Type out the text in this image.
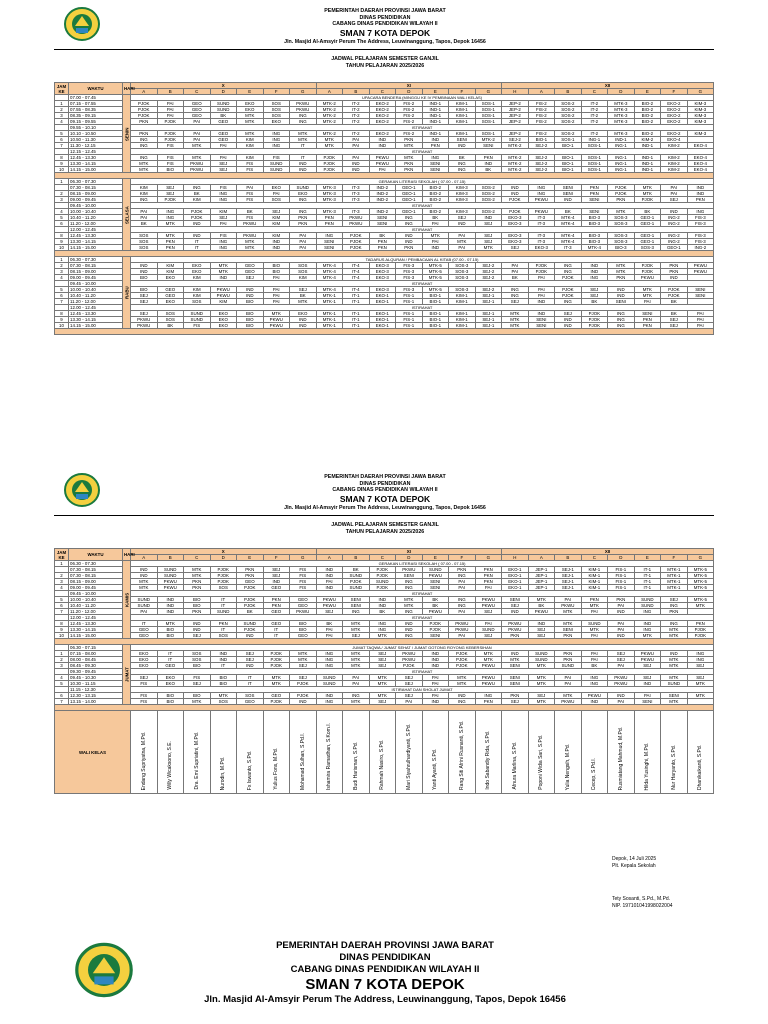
PEMERINTAH DAERAH PROVINSI JAWA BARAT
DINAS PENDIDIKAN
CABANG DINAS PENDIDIKAN WILAYAH II
SMAN 7 KOTA DEPOK
Jln. Masjid Al-Amsyir Perum The Address, Leuwinanggung, Tapos, Depok 16456
JADWAL PELAJARAN SEMESTER GANJIL
TAHUN PELAJARAN 2025/2026
JAM KE	WAKTU	HARI	X							XI							XII								
			A	B	C	D	E	F	G	A	B	C	D	E	F	G	H	A	B	C	D	E	F	G	
	07.00 - 07.45	SENIN	UPACARA BENDERA (MINGGU KE IV PEMBINAAN WALI KELAS)																						
1	07.15 - 07.55		PJOK	PAI	GEO	SUND	EKO	SOS	PKWU	MTK-2	IT-2	EKO-2	FIS-2	IND-1	KIM-1	SOS-1	JEP-2	FIS-2	SOS-2	IT-2	MTK-3	BIO-2	EKO-2	KIM-3	
2	07.55 - 08.35		PJOK	PAI	GEO	SUND	EKO	SOS	PKWU	MTK-2	IT-2	EKO-2	FIS-2	IND-1	KIM-1	SOS-1	JEP-2	FIS-2	SOS-2	IT-2	MTK-3	BIO-2	EKO-2	KIM-3	
3	08.35 - 09.15		PJOK	PAI	GEO	BK	MTK	SOS	ING	MTK-2	IT-2	EKO-2	FIS-2	IND-1	KIM-1	SOS-1	JEP-2	FIS-2	SOS-2	IT-2	MTK-3	BIO-2	EKO-2	KIM-3	
4	09.15 - 09.55		PKN	PJOK	PAI	GEO	MTK	EKO	ING	MTK-2	IT-2	EKO-2	FIS-2	IND-1	KIM-1	SOS-1	JEP-2	FIS-2	SOS-2	IT-2	MTK-3	BIO-2	EKO-2	KIM-3	
	09.55 - 10.10		ISTIRAHAT																						
5	10.10 - 10.50		PKN	PJOK	PAI	GEO	MTK	ING	MTK	MTK-2	IT-2	EKO-2	FIS-2	IND-1	KIM-1	SOS-1	JEP-2	FIS-2	SOS-2	IT-2	MTK-3	BIO-2	EKO-2	KIM-3	
6	10.50 - 11.30		ING	PJOK	PAI	GEO	KIM	ING	MTK	MTK	PAI	IND	PKN	IND	SENI	MTK-2	SEJ-2	BIO-1	SOS-1	ING-1	IND-1	KIM-2	EKO-4		
7	11.30 - 12.15		ING	FIS	MTK	PAI	KIM	ING	IT	MTK	PAI	IND	MTK	PKN	IND	SENI	MTK-2	SEJ-2	BIO-1	SOS-1	ING-1	IND-1	KIM-2	EKO-4	
	12.15 - 12.45		ISTIRAHAT																						
8	12.45 - 13.30		ING	FIS	MTK	PAI	KIM	FIS	IT	PJOK	PAI	PKWU	MTK	ING	BK	PKN	MTK-2	SEJ-2	BIO-1	SOS-1	ING-1	IND-1	KIM-2	EKO-4	
9	13.30 - 14.15		MTK	FIS	PKWU	SEJ	FIS	SUND	IND	PJOK	IND	PKWU	PKN	SENI	ING	IND	MTK-2	SEJ-2	BIO-1	SOS-1	ING-1	IND-1	KIM-2	EKO-4	
10	14.15 - 15.00		MTK	BIO	PKWU	SEJ	FIS	SUND	IND	PJOK	IND	PAI	PKN	SENI	ING	BK	MTK-2	SEJ-2	BIO-1	SOS-1	ING-1	IND-1	KIM-2	EKO-4	

1	06.30 - 07.30	SELASA	GERAKAN LITERASI SEKOLAH ( 07.00 - 07.15)																						
	07.30 - 08.15		KIM	SEJ	ING	FIS	PAI	EKO	SUND	MTK-3	IT-3	IND-2	GEO-1	BIO-2	KIM-3	SOS-2	IND	ING	SENI	PKN	PJOK	MTK	PAI	IND	
2	08.15 - 09.00		KIM	SEJ	BK	ING	FIS	PAI	EKO	MTK-3	IT-3	IND-2	GEO-1	BIO-2	KIM-3	SOS-2	IND	ING	SENI	PKN	PJOK	MTK	PAI	IND	
3	09.00 - 09.45		ING	PJOK	KIM	ING	FIS	SOS	ING	MTK-3	IT-3	IND-2	GEO-1	BIO-2	KIM-3	SOS-2	PJOK	PKWU	IND	SENI	PKN	PJOK	SEJ	PKN	
	09.45 - 10.00		ISTIRAHAT																						
4	10.00 - 10.40		PAI	ING	PJOK	KIM	BK	SEJ	ING	MTK-3	IT-3	IND-2	GEO-1	BIO-2	KIM-3	SOS-2	PJOK	PKWU	BK	SENI	MTK	BK	IND	ING	
5	10.40 - 11.20		PAI	ING	PJOK	SEJ	FIS	KIM	PKN	PKN	PKWU	SENI	ING	BK	SEJ	IND	EKO-3	IT-3	MTK-4	BIO-3	SOS-3	GEO-1	ING-2	FIS-3	
6	11.20 - 12.00		BK	MTK	IND	PAI	PKWU	KIM	PKN	PKN	PKWU	SENI	ING	PAI	IND	SEJ	EKO-3	IT-3	MTK-4	BIO-3	SOS-3	GEO-1	ING-2	FIS-3	
	12.00 - 12.45		ISTIRAHAT																						
8	12.45 - 13.30		SOS	MTK	IND	FIS	PKWU	KIM	PAI	ING	PJOK	BK	IND	MTK	PAI	SEJ	EKO-3	IT-3	MTK-4	BIO-3	SOS-3	GEO-1	ING-2	FIS-3	
9	13.30 - 14.15		SOS	PKN	IT	ING	MTK	IND	PAI	SENI	PJOK	PKN	IND	PAI	MTK	SEJ	EKO-3	IT-3	MTK-4	BIO-3	SOS-3	GEO-1	ING-2	FIS-3	
10	14.15 - 15.00		SOS	PKN	IT	ING	MTK	IND	PAI	SENI	PJOK	PKN	PKN	IND	PAI	MTK	SEJ	EKO-3	IT-3	MTK-4	BIO-3	SOS-3	GEO-1	ING-2	

1	06.30 - 07.30	RABU	TADARUS ALQURAN / PEMBACAAN AL KITAB (07.00 - 07.15)																						
2	07.30 - 08.15		IND	KIM	EKO	MTK	GEO	BIO	SOS	MTK-4	IT-4	EKO-3	FIS-3	MTK-5	SOS-3	SEJ-2	PAI	PJOK	ING	IND	MTK	PJOK	PKN	PKWU	
3	08.15 - 09.00		IND	KIM	EKO	MTK	GEO	BIO	SOS	MTK-4	IT-4	EKO-3	FIS-3	MTK-5	SOS-3	SEJ-2	PAI	PJOK	ING	IND	MTK	PJOK	PKN	PKWU	
4	09.00 - 09.45		BIO	EKO	KIM	IND	SEJ	PAI	KIM	MTK-4	IT-4	EKO-3	FIS-3	MTK-5	SOS-3	SEJ-2	BK	PAI	PJOK	ING	PKN	PKWU	IND		
	09.45 - 10.00		ISTIRAHAT																						
5	10.00 - 10.40		BIO	GEO	KIM	PKWU	IND	PAI	SEJ	MTK-4	IT-4	EKO-3	FIS-3	MTK-5	SOS-3	SEJ-2	ING	PAI	PJOK	SEJ	IND	MTK	PJOK	SENI	
6	10.40 - 11.20		SEJ	GEO	KIM	PKWU	IND	PAI	BK	MTK-1	IT-1	EKO-1	FIS-1	BIO-1	KIM-1	SEJ-1	ING	PAI	PJOK	SEJ	IND	MTK	PJOK	SENI	
7	11.20 - 12.00		SEJ	EKO	SOS	KIM	BIO	PAI	MTK	MTK-1	IT-1	EKO-1	FIS-1	BIO-1	KIM-1	SEJ-1	SEJ	IND	ING	BK	SENI	PAI	BK		
	12.00 - 12.45		ISTIRAHAT																						
8	12.45 - 13.30		SEJ	SOS	SUND	EKO	BIO	MTK	EKO	MTK-1	IT-1	EKO-1	FIS-1	BIO-1	KIM-1	SEJ-1	MTK	IND	SEJ	PJOK	ING	SENI	BK	PAI	
9	13.30 - 14.15		PKWU	SOS	SUND	EKO	BIO	PKWU	IND	MTK-1	IT-1	EKO-1	FIS-1	BIO-1	KIM-1	SEJ-1	MTK	SENI	IND	PJOK	ING	PKN	SEJ	PAI	
10	14.15 - 15.00		PKWU	BK	FIS	EKO	BIO	PKWU	IND	MTK-1	IT-1	EKO-1	FIS-1	BIO-1	KIM-1	SEJ-1	MTK	SENI	IND	PJOK	ING	PKN	SEJ	PAI	

PEMERINTAH DAERAH PROVINSI JAWA BARAT
DINAS PENDIDIKAN
CABANG DINAS PENDIDIKAN WILAYAH II
SMAN 7 KOTA DEPOK
Jln. Masjid Al-Amsyir Perum The Address, Leuwinanggung, Tapos, Depok 16456
JADWAL PELAJARAN SEMESTER GANJIL
TAHUN PELAJARAN 2025/2026
JAM KE	WAKTU	HARI	X							XI							XII								
			A	B	C	D	E	F	G	A	B	C	D	E	F	G	H	A	B	C	D	E	F	G	
1	06.30 - 07.30	KAMIS	GERAKAN LITERASI SEKOLAH ( 07.00 - 07.15)																						
	07.30 - 08.15		IND	SUND	MTK	PJOK	PKN	SEJ	FIS	IND	BK	PJOK	PKWU	SUND	PKN	PKN	EKO-1	JEP-1	SEJ-1	KIM-1	FIS-1	IT-1	MTK-1	MTK-5	
2	07.30 - 08.15		IND	SUND	MTK	PJOK	PKN	SEJ	FIS	IND	SUND	PJOK	SENI	PKWU	ING	PKN	EKO-1	JEP-1	SEJ-1	KIM-1	FIS-1	IT-1	MTK-1	MTK-5	
3	08.15 - 09.00		MTK	PKWU	PKN	PJOK	GEO	IND	FIS	PAI	PJOK	SUND	ING	SENI	PAI	PKN	EKO-1	JEP-1	SEJ-1	KIM-1	FIS-1	IT-1	MTK-1	MTK-5	
4	09.00 - 09.45		MTK	PKWU	PKN	SOS	PJOK	GEO	FIS	IND	SUND	PJOK	ING	SENI	PAI	PAI	EKO-1	JEP-1	SEJ-1	KIM-1	FIS-1	IT-1	MTK-1	MTK-5	
	09.45 - 10.00		ISTIRAHAT																						
5	10.00 - 10.40		SUND	IND	BIO	IT	PJOK	PKN	GEO	PKWU	SENI	IND	MTK	BK	ING	PKWU	SENI	MTK	PAI	PKN	PKN	SUND	SEJ	MTK-5	
6	10.40 - 11.20		SUND	IND	BIO	IT	PJOK	PKN	GEO	PKWU	SENI	IND	MTK	BK	ING	PKWU	SEJ	BK	PKWU	MTK	PAI	SUND	ING	MTK	
7	11.20 - 12.00		PAI	IND	PKN	SUND	BK	GEO	PKWU	SEJ	ING	BK	ING	PKWU	PAI	SEJ	IND	PKWU	MTK	PAI	IND	ING	PKN		
	12.00 - 12.45		ISTIRAHAT																						
8	12.45 - 13.30		IT	MTK	IND	PKN	SUND	GEO	BIO	BK	MTK	ING	IND	PJOK	PKWU	PAI	PKWU	IND	MTK	SUND	PAI	IND	ING	PKN	
9	13.30 - 14.15		GEO	BIO	IND	IT	PJOK	IT	BIO	PAI	MTK	ING	IND	PJOK	PKWU	SUND	PKWU	SEJ	SENI	MTK	PAI	ING	MTK	PJOK	
10	14.15 - 15.00		GEO	BIO	SEJ	SOS	IND	IT	GEO	PAI	SEJ	MTK	ING	SENI	PAI	SEJ	PKN	SEJ	PKN	PAI	IND	MTK	MTK	PJOK	

	06.30 - 07.15	JUMAT	JUMAT TAQWA / JUMAT SEHAT / JUMAT GOTONG ROYONG KEBERSIHAN																						
1	07.15 - 08.00		EKO	IT	SOS	IND	SEJ	PJOK	MTK	ING	MTK	SEJ	PKWU	IND	PJOK	MTK	IND	SUND	PKN	PAI	SEJ	PKWU	IND	ING	
2	08.00 - 08.45		EKO	IT	SOS	IND	SEJ	PJOK	MTK	ING	MTK	SEJ	PKWU	IND	PJOK	MTK	MTK	SUND	PKN	PAI	SEJ	PKWU	MTK	ING	
3	08.45 - 09.30		EKO	GEO	BIO	IT	IND	PJOK	SEJ	ING	MTK	SEJ	PJOK	IND	PJOK	PKWU	SENI	MTK	SUND	BK	PAI	SEJ	MTK	SEJ	
	09.30 - 09.45		ISTIRAHAT																						
4	09.45 - 10.30		SEJ	EKO	FIS	BIO	IT	MTK	SEJ	SUND	PAI	MTK	SEJ	PAI	MTK	PKWU	SENI	MTK	PAI	ING	PKWU	SEJ	MTK	SEJ	
5	10.30 - 11.15		FIS	EKO	SEJ	BIO	IT	MTK	PJOK	SUND	PAI	MTK	SEJ	PAI	MTK	PKWU	SENI	MTK	PAI	ING	PKWU	IND	SUND	MTK	
	11.15 - 12.30		ISTIRAHAT DAN SHOLAT JUMAT																						
6	12.30 - 13.15		FIS	BIO	BIO	MTK	SOS	GEO	PJOK	IND	ING	MTK	SEJ	PAI	IND	ING	PKN	SEJ	MTK	PKWU	IND	PAI	SENI	MTK	
7	13.15 - 14.00		FIS	BIO	MTK	SOS	GEO	PJOK	IND	ING	MTK	SEJ	PAI	IND	ING	PKN	SEJ	MTK	PKWU	IND	PAI	SENI	MTK		

WALI KELAS			Endang Supriyatna, M.Pd.	Willy Wicaksono, S.E.	Dra. Emi Supriatini, M.Pd.	Nurodin, M.Pd.	Fx Iswanto, S.Pd.	Yulius Fons, M.Pd.	Mohamad Sulhan, S.Pd.I.	Ishamira Ramadhan, S.Kom.I.	Budi Harisman, S.Pd.	Rahmah Nasiro, S.Pd.	Mari Siyahrulhardiyanti, S.Pd.	Yanti Ayanti, S.Pd.	Rang Siti Afrini Rusnanti, S.Pd.	Indo Sabandiy Rida, S.Pd.	Afnura Marlina, S.Pd.	Poponi Widia Sari, S.Pd.	Yulia Nengsih, M.Pd.	Cecep, S.Pd.I.	Rusmiatang Mahmud, M.Pd.	Hilda Yusinghi, M.Pd.	Nur Haryanto, S.Pd.	Dhanikaikanti, S.Pd.	
Depok, 14 Juli 2025
Plt. Kepala Sekolah
Tety Sosanti, S.Pd., M.Pd.
NIP. 197101041998022004
PEMERINTAH DAERAH PROVINSI JAWA BARAT
DINAS PENDIDIKAN
CABANG DINAS PENDIDIKAN WILAYAH II
SMAN 7 KOTA DEPOK
Jln. Masjid Al-Amsyir Perum The Address, Leuwinanggung, Tapos, Depok 16456
